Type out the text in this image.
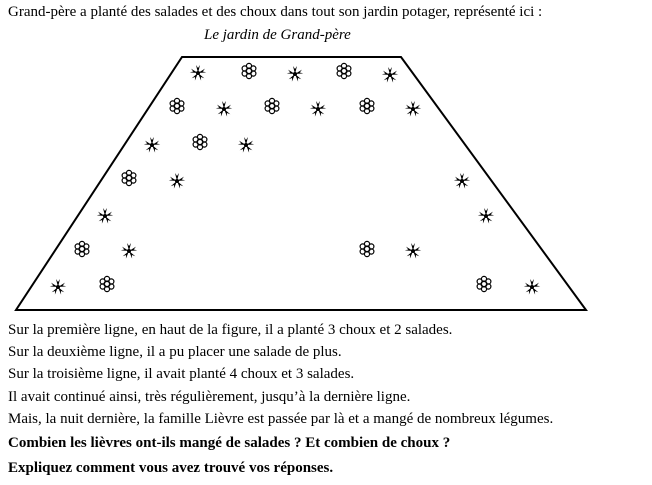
Grand-père a planté des salades et des choux dans tout son jardin potager, représenté ici :
Le jardin de Grand-père

Sur la première ligne, en haut de la figure, il a planté 3 choux et 2 salades.

Sur la deuxième ligne, il a pu placer une salade de plus.

Sur la troisième ligne, il avait planté 4 choux et 3 salades.

Il avait continué ainsi, très régulièrement, jusqu’à la dernière ligne.

Mais, la nuit dernière, la famille Lièvre est passée par là et a mangé de nombreux légumes.

Combien les lièvres ont-ils mangé de salades ? Et combien de choux ?
Expliquez comment vous avez trouvé vos réponses.
